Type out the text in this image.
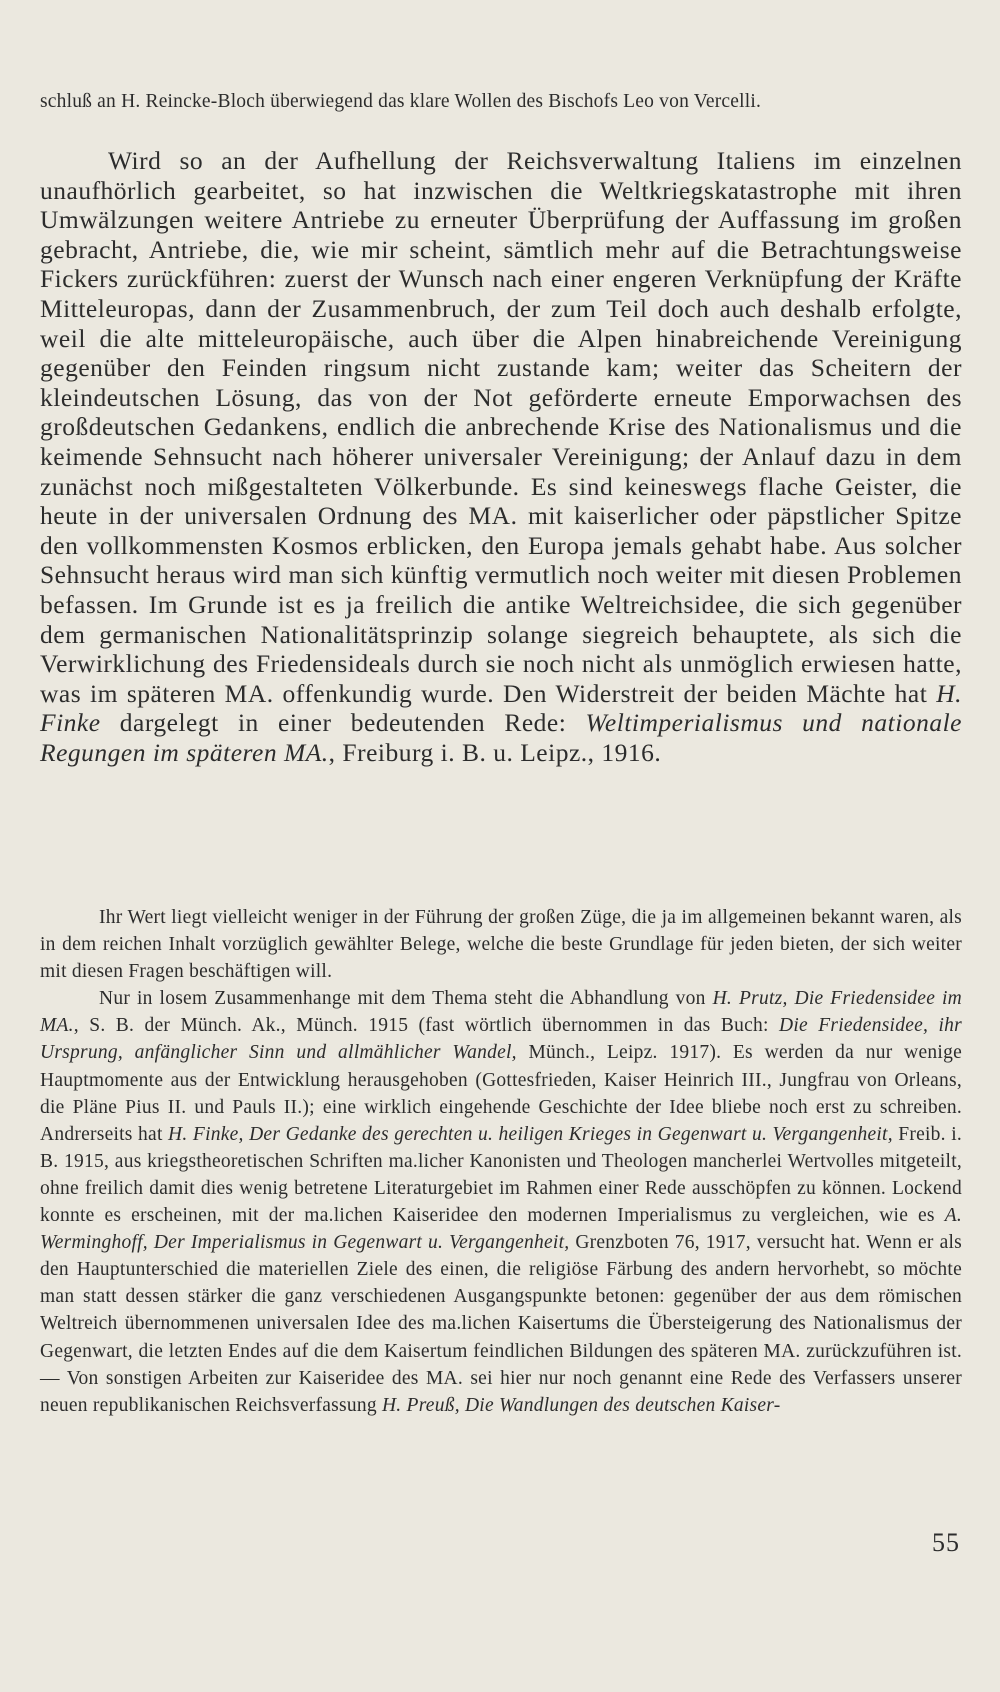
schluß an H. Reincke-Bloch überwiegend das klare Wollen des Bischofs Leo von Vercelli.

Wird so an der Aufhellung der Reichsverwaltung Italiens im einzelnen unaufhörlich gearbeitet, so hat inzwischen die Weltkriegskatastrophe mit ihren Umwälzungen weitere Antriebe zu erneuter Überprüfung der Auffassung im großen gebracht, Antriebe, die, wie mir scheint, sämtlich mehr auf die Betrachtungsweise Fickers zurückführen: zuerst der Wunsch nach einer engeren Verknüpfung der Kräfte Mitteleuropas, dann der Zusammenbruch, der zum Teil doch auch deshalb erfolgte, weil die alte mitteleuropäische, auch über die Alpen hinabreichende Vereinigung gegenüber den Feinden ringsum nicht zustande kam; weiter das Scheitern der kleindeutschen Lösung, das von der Not geförderte erneute Emporwachsen des großdeutschen Gedankens, endlich die anbrechende Krise des Nationalismus und die keimende Sehnsucht nach höherer universaler Vereinigung; der Anlauf dazu in dem zunächst noch mißgestalteten Völkerbunde. Es sind keineswegs flache Geister, die heute in der universalen Ordnung des MA. mit kaiserlicher oder päpstlicher Spitze den vollkommensten Kosmos erblicken, den Europa jemals gehabt habe. Aus solcher Sehnsucht heraus wird man sich künftig vermutlich noch weiter mit diesen Problemen befassen. Im Grunde ist es ja freilich die antike Weltreichsidee, die sich gegenüber dem germanischen Nationalitätsprinzip solange siegreich behauptete, als sich die Verwirklichung des Friedensideals durch sie noch nicht als unmöglich erwiesen hatte, was im späteren MA. offenkundig wurde. Den Widerstreit der beiden Mächte hat H. Finke dargelegt in einer bedeutenden Rede: Weltimperialismus und nationale Regungen im späteren MA., Freiburg i. B. u. Leipz., 1916.

Ihr Wert liegt vielleicht weniger in der Führung der großen Züge, die ja im allgemeinen bekannt waren, als in dem reichen Inhalt vorzüglich gewählter Belege, welche die beste Grundlage für jeden bieten, der sich weiter mit diesen Fragen beschäftigen will.

Nur in losem Zusammenhange mit dem Thema steht die Abhandlung von H. Prutz, Die Friedensidee im MA., S. B. der Münch. Ak., Münch. 1915 (fast wörtlich übernommen in das Buch: Die Friedensidee, ihr Ursprung, anfänglicher Sinn und allmählicher Wandel, Münch., Leipz. 1917). Es werden da nur wenige Hauptmomente aus der Entwicklung herausgehoben (Gottesfrieden, Kaiser Heinrich III., Jungfrau von Orleans, die Pläne Pius II. und Pauls II.); eine wirklich eingehende Geschichte der Idee bliebe noch erst zu schreiben. Andrerseits hat H. Finke, Der Gedanke des gerechten u. heiligen Krieges in Gegenwart u. Vergangenheit, Freib. i. B. 1915, aus kriegstheoretischen Schriften ma.licher Kanonisten und Theologen mancherlei Wertvolles mitgeteilt, ohne freilich damit dies wenig betretene Literaturgebiet im Rahmen einer Rede ausschöpfen zu können. Lockend konnte es erscheinen, mit der ma.lichen Kaiseridee den modernen Imperialismus zu vergleichen, wie es A. Werminghoff, Der Imperialismus in Gegenwart u. Vergangenheit, Grenzboten 76, 1917, versucht hat. Wenn er als den Hauptunterschied die materiellen Ziele des einen, die religiöse Färbung des andern hervorhebt, so möchte man statt dessen stärker die ganz verschiedenen Ausgangspunkte betonen: gegenüber der aus dem römischen Weltreich übernommenen universalen Idee des ma.lichen Kaisertums die Übersteigerung des Nationalismus der Gegenwart, die letzten Endes auf die dem Kaisertum feindlichen Bildungen des späteren MA. zurückzuführen ist. — Von sonstigen Arbeiten zur Kaiseridee des MA. sei hier nur noch genannt eine Rede des Verfassers unserer neuen republikanischen Reichsverfassung H. Preuß, Die Wandlungen des deutschen Kaiser-

55
